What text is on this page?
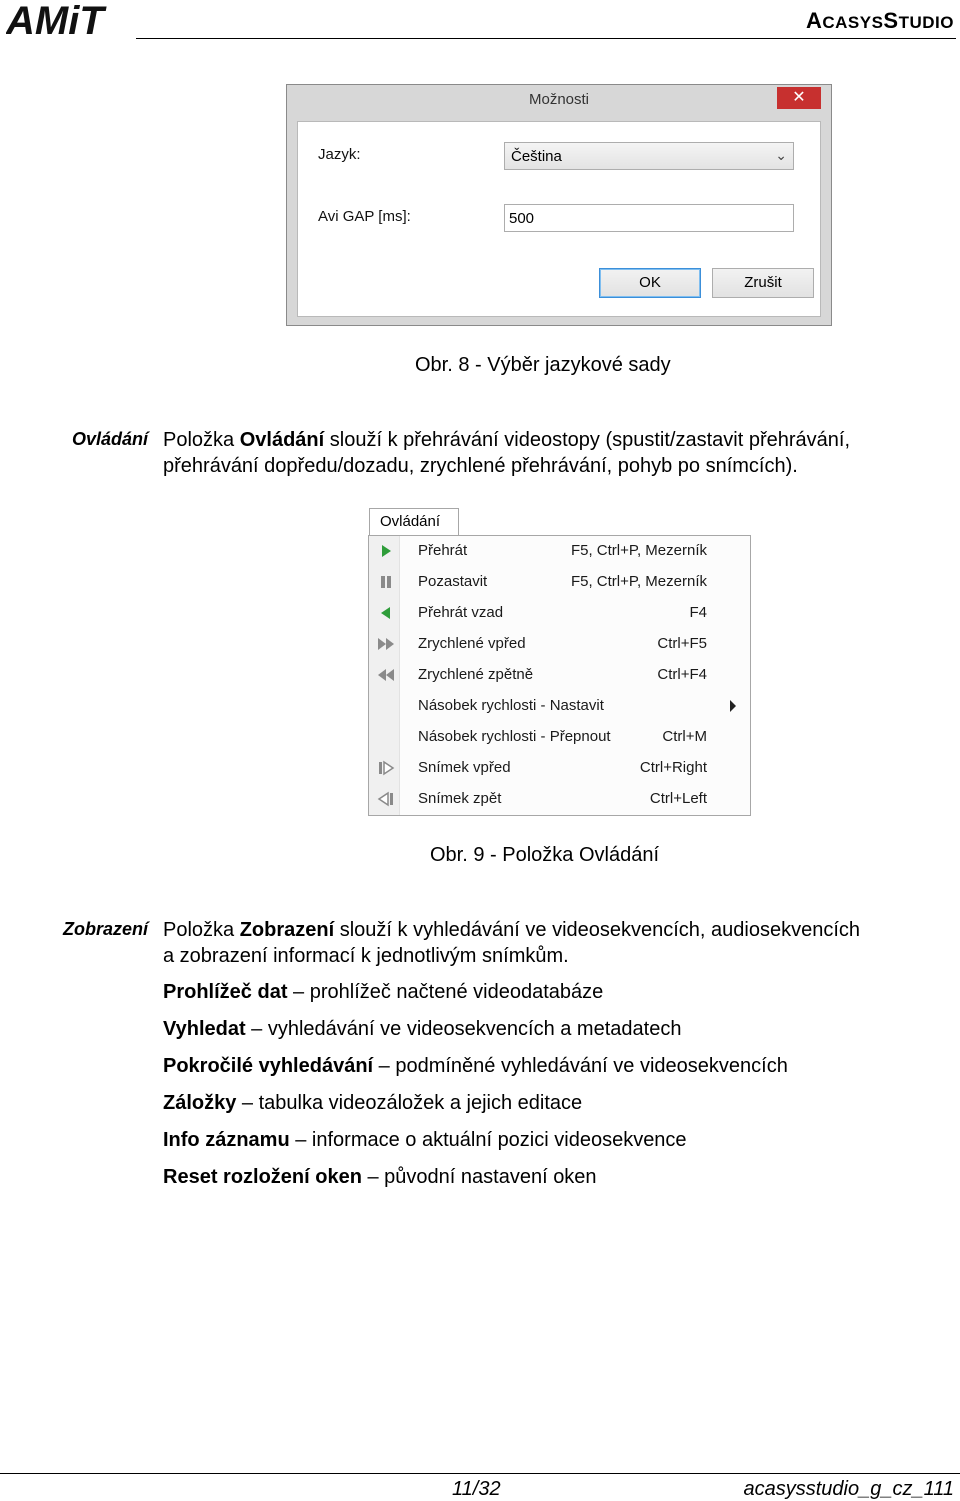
AMiT	ACASYSSTUDIO
Možnosti	✕
Jazyk:	Čeština	⌄
Avi GAP [ms]:	500
OK	Zrušit
Obr. 8 - Výběr jazykové sady
Ovládání Položka Ovládání slouží k přehrávání videostopy (spustit/zastavit přehrávání,
přehrávání dopředu/dozadu, zrychlené přehrávání, pohyb po snímcích).
Ovládání
Přehrát	F5, Ctrl+P, Mezerník
Pozastavit	F5, Ctrl+P, Mezerník
Přehrát vzad	F4
Zrychlené vpřed	Ctrl+F5
Zrychlené zpětně	Ctrl+F4
Násobek rychlosti - Nastavit
Násobek rychlosti - Přepnout	Ctrl+M
Snímek vpřed	Ctrl+Right
Snímek zpět	Ctrl+Left
Obr. 9 - Položka Ovládání
Zobrazení Položka Zobrazení slouží k vyhledávání ve videosekvencích, audiosekvencích
a zobrazení informací k jednotlivým snímkům.
Prohlížeč dat – prohlížeč načtené videodatabáze
Vyhledat – vyhledávání ve videosekvencích a metadatech
Pokročilé vyhledávání – podmíněné vyhledávání ve videosekvencích
Záložky – tabulka videozáložek a jejich editace
Info záznamu – informace o aktuální pozici videosekvence
Reset rozložení oken – původní nastavení oken
11/32	acasysstudio_g_cz_111
